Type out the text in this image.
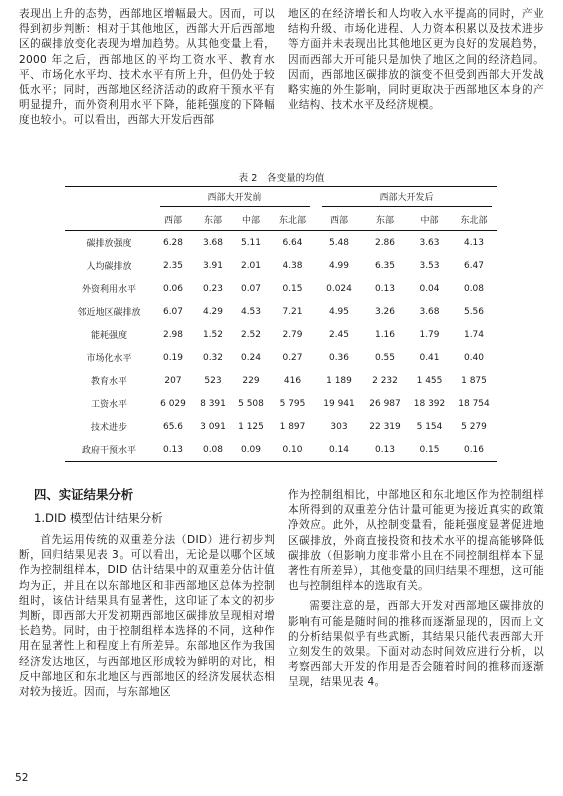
表现出上升的态势，西部地区增幅最大。因而，可以得到初步判断：相对于其他地区，西部大开后西部地区的碳排放变化表现为增加趋势。从其他变量上看，2000 年之后，西部地区的平均工资水平、教育水平、市场化水平均、技术水平有所上升，但仍处于较低水平；同时，西部地区经济活动的政府干预水平有明显提升，而外资利用水平下降，能耗强度的下降幅度也较小。可以看出，西部大开发后西部

地区的在经济增长和人均收入水平提高的同时，产业结构升级、市场化进程、人力资本积累以及技术进步等方面并未表现出比其他地区更为良好的发展趋势，因而西部大开可能只是加快了地区之间的经济趋同。因而，西部地区碳排放的演变不但受到西部大开发战略实施的外生影响，同时更取决于西部地区本身的产业结构、技术水平及经济规模。

表 2　各变量的均值
	西部大开发前				西部大开发后			
	西部	东部	中部	东北部	西部	东部	中部	东北部
碳排放强度	6.28	3.68	5.11	6.64	5.48	2.86	3.63	4.13
人均碳排放	2.35	3.91	2.01	4.38	4.99	6.35	3.53	6.47
外资利用水平	0.06	0.23	0.07	0.15	0.024	0.13	0.04	0.08
邻近地区碳排放	6.07	4.29	4.53	7.21	4.95	3.26	3.68	5.56
能耗强度	2.98	1.52	2.52	2.79	2.45	1.16	1.79	1.74
市场化水平	0.19	0.32	0.24	0.27	0.36	0.55	0.41	0.40
教育水平	207	523	229	416	1 189	2 232	1 455	1 875
工资水平	6 029	8 391	5 508	5 795	19 941	26 987	18 392	18 754
技术进步	65.6	3 091	1 125	1 897	303	22 319	5 154	5 279
政府干预水平	0.13	0.08	0.09	0.10	0.14	0.13	0.15	0.16
四、实证结果分析
1.DID 模型估计结果分析

首先运用传统的双重差分法（DID）进行初步判断，回归结果见表 3。可以看出，无论是以哪个区域作为控制组样本，DID 估计结果中的双重差分估计值均为正，并且在以东部地区和非西部地区总体为控制组时，该估计结果具有显著性，这印证了本文的初步判断，即西部大开发初期西部地区碳排放呈现相对增长趋势。同时，由于控制组样本选择的不同，这种作用在显著性上和程度上有所差异。东部地区作为我国经济发达地区，与西部地区形成较为鲜明的对比，相反中部地区和东北地区与西部地区的经济发展状态相对较为接近。因而，与东部地区

作为控制组相比，中部地区和东北地区作为控制组样本所得到的双重差分估计量可能更为接近真实的政策净效应。此外，从控制变量看，能耗强度显著促进地区碳排放，外商直接投资和技术水平的提高能够降低碳排放（但影响力度非常小且在不同控制组样本下显著性有所差异），其他变量的回归结果不理想，这可能也与控制组样本的选取有关。

需要注意的是，西部大开发对西部地区碳排放的影响有可能是随时间的推移而逐渐显现的，因而上文的分析结果似乎有些武断，其结果只能代表西部大开立刻发生的效果。下面对动态时间效应进行分析，以考察西部大开发的作用是否会随着时间的推移而逐渐呈现，结果见表 4。

52
